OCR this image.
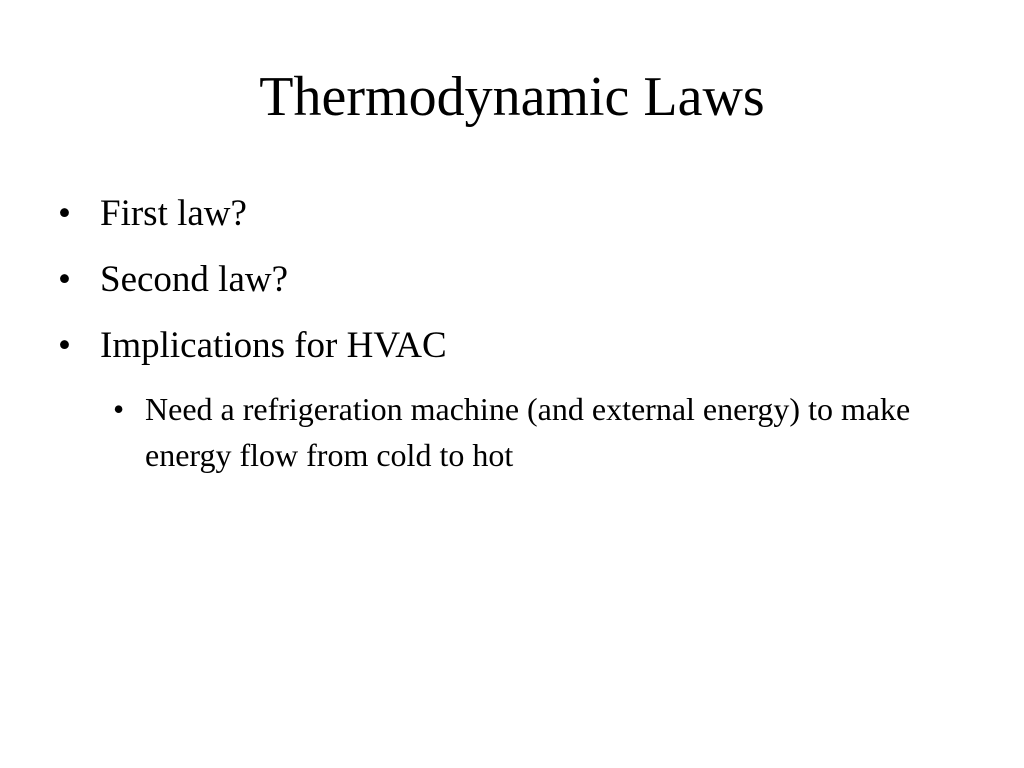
Thermodynamic Laws
• First law?
• Second law?
• Implications for HVAC
• Need a refrigeration machine (and external energy) to make energy flow from cold to hot
